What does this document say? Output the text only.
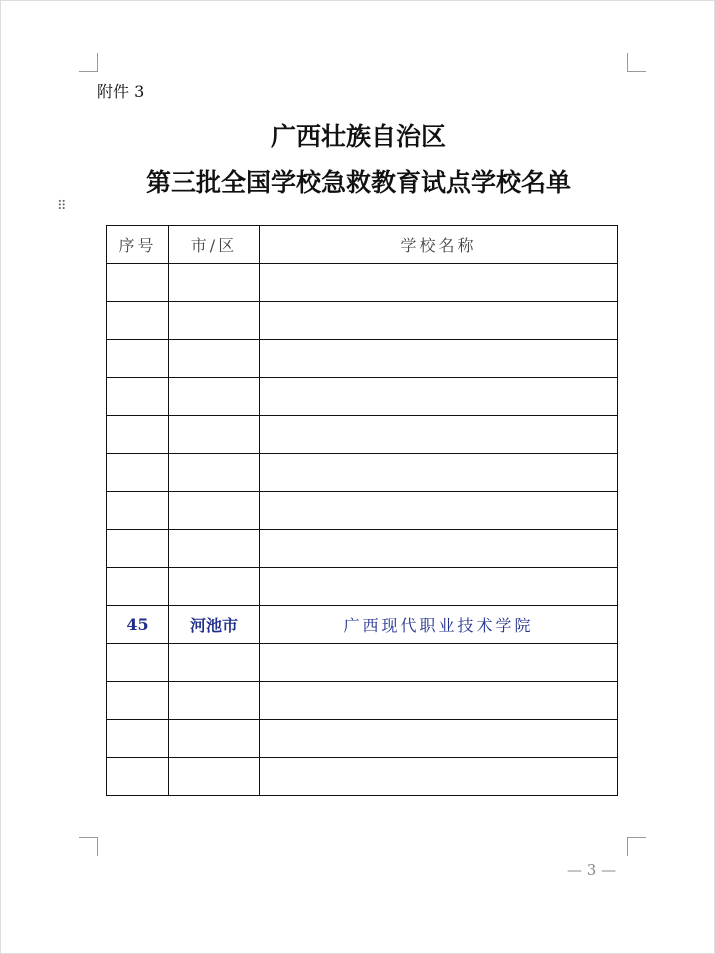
附件 3
广西壮族自治区
第三批全国学校急救教育试点学校名单
⠿
序号	市/区	学校名称

45	河池市	广西现代职业技术学院

— 3 —
